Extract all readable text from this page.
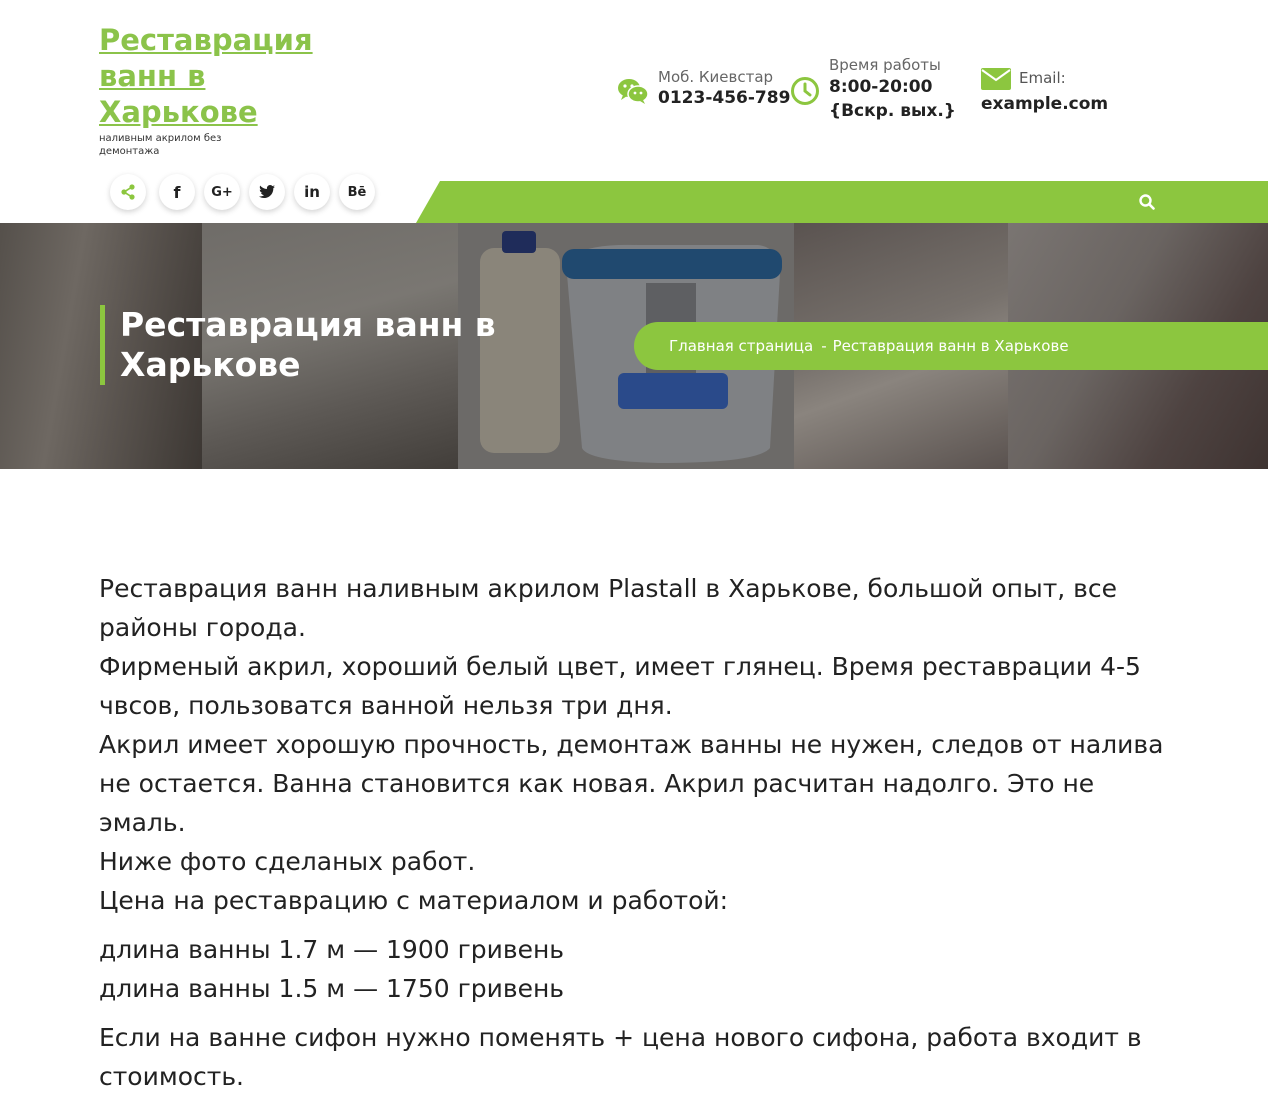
Реставрация ванн в Харькове
наливным акрилом без демонтажа
Моб. Киевстар
0123-456-789
Время работы
8:00-20:00
{Вскр. вых.}
Email:
example.com
f G+	in Bē
Реставрация ванн в Харькове	Главная страница - Реставрация ванн в Харькове

Реставрация ванн наливным акрилом Plastall в Харькове, большой опыт, все районы города.
Фирменый акрил, хороший белый цвет, имеет глянец. Время реставрации 4-5 чвсов, пользоватся ванной нельзя три дня.
Акрил имеет хорошую прочность, демонтаж ванны не нужен, следов от налива не остается. Ванна становится как новая. Акрил расчитан надолго. Это не эмаль.
Ниже фото сделаных работ.
Цена на реставрацию с материалом и работой:

длина ванны 1.7 м — 1900 гривень
длина ванны 1.5 м — 1750 гривень

Если на ванне сифон нужно поменять + цена нового сифона, работа входит в стоимость.
